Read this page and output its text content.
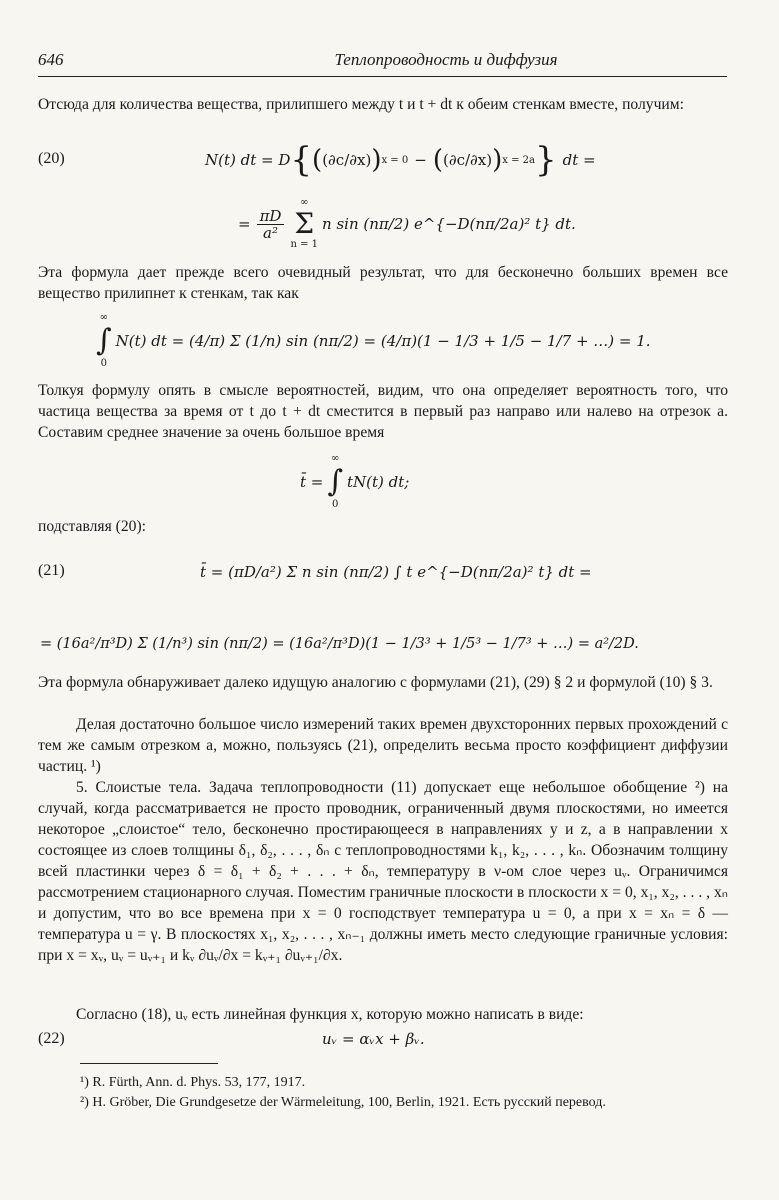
646	Теплопроводность и диффузия
Отсюда для количества вещества, прилипшего между t и t + dt к обеим стенкам вместе, получим:
(20)	N(t) dt = D { ( (∂c/∂x) ) x = 0 − ( (∂c/∂x) ) x = 2a } dt =
= $\frac{\pi D}{\text{a²}}$
∞
Σ
n = 1
n sin (nπ/2) e^{−D(nπ/2a)² t} dt.
Эта формула дает прежде всего очевидный результат, что для бесконечно больших времен все вещество прилипнет к стенкам, так как
∞
∫
0
N(t) dt = (4/π) Σ (1/n) sin (nπ/2) = (4/π)(1 − 1/3 + 1/5 − 1/7 + …) = 1.
Толкуя формулу опять в смысле вероятностей, видим, что она определяет вероятность того, что частица вещества за время от t до t + dt сместится в первый раз направо или налево на отрезок a. Составим среднее значение за очень большое время
t̄ =
∞
∫
0
tN(t) dt;
подставляя (20):
(21)	t̄ = (πD/a²) Σ n sin (nπ/2) ∫ t e^{−D(nπ/2a)² t} dt =
= (16a²/π³D) Σ (1/n³) sin (nπ/2) = (16a²/π³D)(1 − 1/3³ + 1/5³ − 1/7³ + …) = a²/2D.
Эта формула обнаруживает далеко идущую аналогию с формулами (21), (29) § 2 и формулой (10) § 3.
Делая достаточно большое число измерений таких времен двухсторонних первых прохождений с тем же самым отрезком a, можно, пользуясь (21), определить весьма просто коэффициент диффузии частиц. ¹)
5. Слоистые тела. Задача теплопроводности (11) допускает еще небольшое обобщение ²) на случай, когда рассматривается не просто проводник, ограниченный двумя плоскостями, но имеется некоторое „слоистое“ тело, бесконечно простирающееся в направлениях y и z, а в направлении x состоящее из слоев толщины δ₁, δ₂, . . . , δₙ с теплопроводностями k₁, k₂, . . . , kₙ. Обозначим толщину всей пластинки через δ = δ₁ + δ₂ + . . . + δₙ, температуру в ν-ом слое через uᵥ. Ограничимся рассмотрением стационарного случая. Поместим граничные плоскости в плоскости x = 0, x₁, x₂, . . . , xₙ и допустим, что во все времена при x = 0 господствует температура u = 0, а при x = xₙ = δ — температура u = γ. В плоскостях x₁, x₂, . . . , xₙ₋₁ должны иметь место следующие граничные условия: при x = xᵥ, uᵥ = uᵥ₊₁ и kᵥ ∂uᵥ/∂x = kᵥ₊₁ ∂uᵥ₊₁/∂x.
Согласно (18), uᵥ есть линейная функция x, которую можно написать в виде:
(22)	uᵥ = αᵥx + βᵥ.
¹) R. Fürth, Ann. d. Phys. 53, 177, 1917.
²) H. Gröber, Die Grundgesetze der Wärmeleitung, 100, Berlin, 1921. Есть русский перевод.
